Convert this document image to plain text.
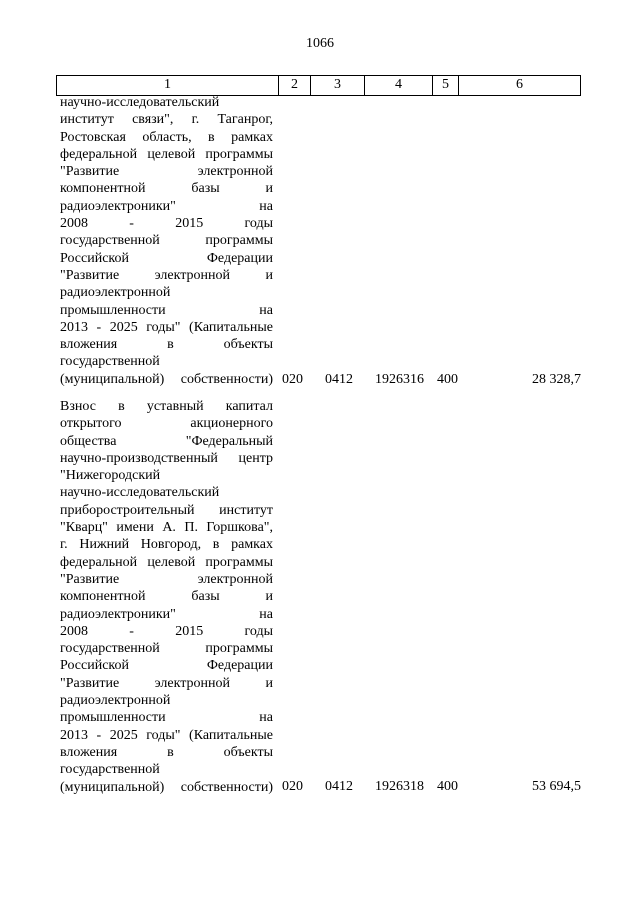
1066
1	2	3	4	5	6
научно-исследовательский
институт связи", г. Таганрог,
Ростовская область, в рамках
федеральной целевой программы
"Развитие электронной
компонентной базы и
радиоэлектроники" на
2008 - 2015 годы
государственной программы
Российской Федерации
"Развитие электронной и
радиоэлектронной
промышленности на
2013 - 2025 годы" (Капитальные
вложения в объекты
государственной
(муниципальной) собственности) 020 0412 1926316 400	28 328,7
Взнос в уставный капитал
открытого акционерного
общества "Федеральный
научно-производственный центр
"Нижегородский
научно-исследовательский
приборостроительный институт
"Кварц" имени А. П. Горшкова",
г. Нижний Новгород, в рамках
федеральной целевой программы
"Развитие электронной
компонентной базы и
радиоэлектроники" на
2008 - 2015 годы
государственной программы
Российской Федерации
"Развитие электронной и
радиоэлектронной
промышленности на
2013 - 2025 годы" (Капитальные
вложения в объекты
государственной
(муниципальной) собственности) 020 0412 1926318 400	53 694,5
